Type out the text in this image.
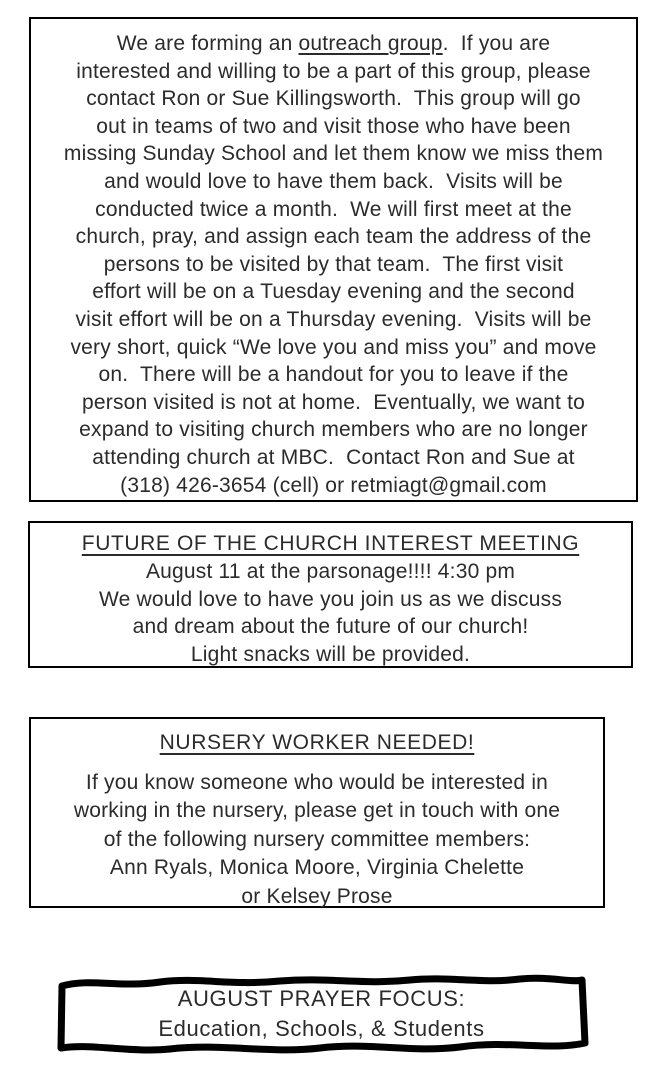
We are forming an outreach group.  If you are
interested and willing to be a part of this group, please
contact Ron or Sue Killingsworth.  This group will go
out in teams of two and visit those who have been
missing Sunday School and let them know we miss them
and would love to have them back.  Visits will be
conducted twice a month.  We will first meet at the
church, pray, and assign each team the address of the
persons to be visited by that team.  The first visit
effort will be on a Tuesday evening and the second
visit effort will be on a Thursday evening.  Visits will be
very short, quick “We love you and miss you” and move
on.  There will be a handout for you to leave if the
person visited is not at home.  Eventually, we want to
expand to visiting church members who are no longer
attending church at MBC.  Contact Ron and Sue at
(318) 426-3654 (cell) or retmiagt@gmail.com
FUTURE OF THE CHURCH INTEREST MEETING
August 11 at the parsonage!!!! 4:30 pm
We would love to have you join us as we discuss
and dream about the future of our church!
Light snacks will be provided.
NURSERY WORKER NEEDED!
If you know someone who would be interested in
working in the nursery, please get in touch with one
of the following nursery committee members:
Ann Ryals, Monica Moore, Virginia Chelette
or Kelsey Prose
AUGUST PRAYER FOCUS:
Education, Schools, & Students
